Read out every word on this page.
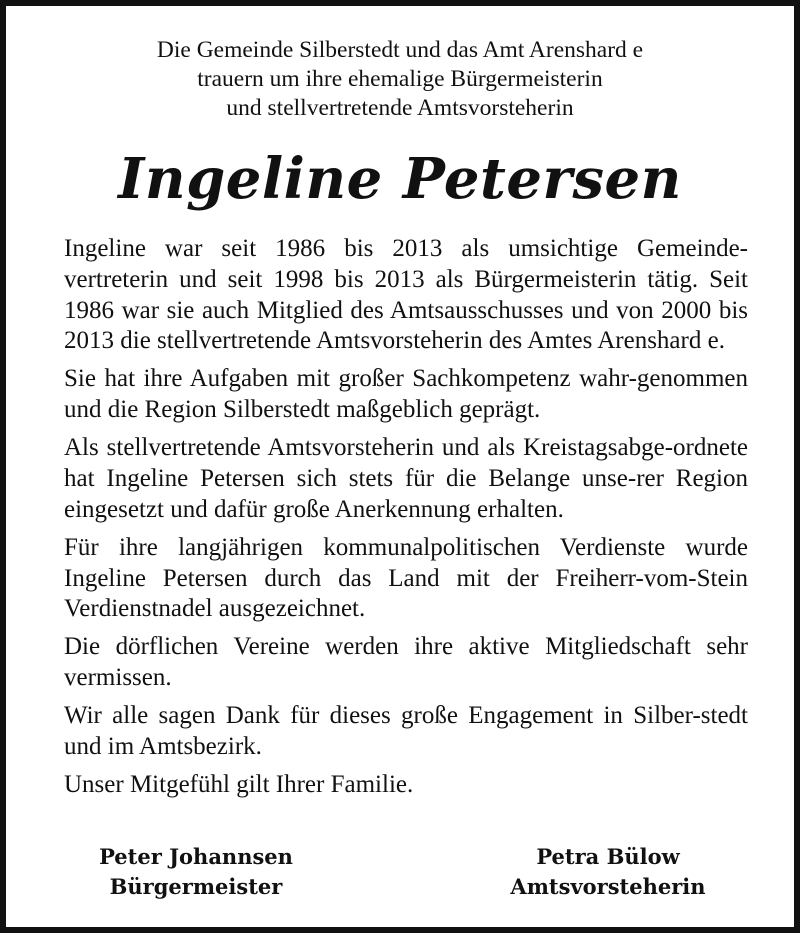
Die Gemeinde Silberstedt und das Amt Arenshard e
trauern um ihre ehemalige Bürgermeisterin
und stellvertretende Amtsvorsteherin
Ingeline Petersen

Ingeline war seit 1986 bis 2013 als umsichtige Gemeinde-vertreterin und seit 1998 bis 2013 als Bürgermeisterin tätig. Seit 1986 war sie auch Mitglied des Amtsausschusses und von 2000 bis 2013 die stellvertretende Amtsvorsteherin des Amtes Arenshard e.

Sie hat ihre Aufgaben mit großer Sachkompetenz wahr-genommen und die Region Silberstedt maßgeblich geprägt.

Als stellvertretende Amtsvorsteherin und als Kreistagsabge-ordnete hat Ingeline Petersen sich stets für die Belange unse-rer Region eingesetzt und dafür große Anerkennung erhalten.

Für ihre langjährigen kommunalpolitischen Verdienste wurde Ingeline Petersen durch das Land mit der Freiherr-vom-Stein Verdienstnadel ausgezeichnet.

Die dörflichen Vereine werden ihre aktive Mitgliedschaft sehr vermissen.

Wir alle sagen Dank für dieses große Engagement in Silber-stedt und im Amtsbezirk.

Unser Mitgefühl gilt Ihrer Familie.

Peter Johannsen
Bürgermeister
Petra Bülow
Amtsvorsteherin
